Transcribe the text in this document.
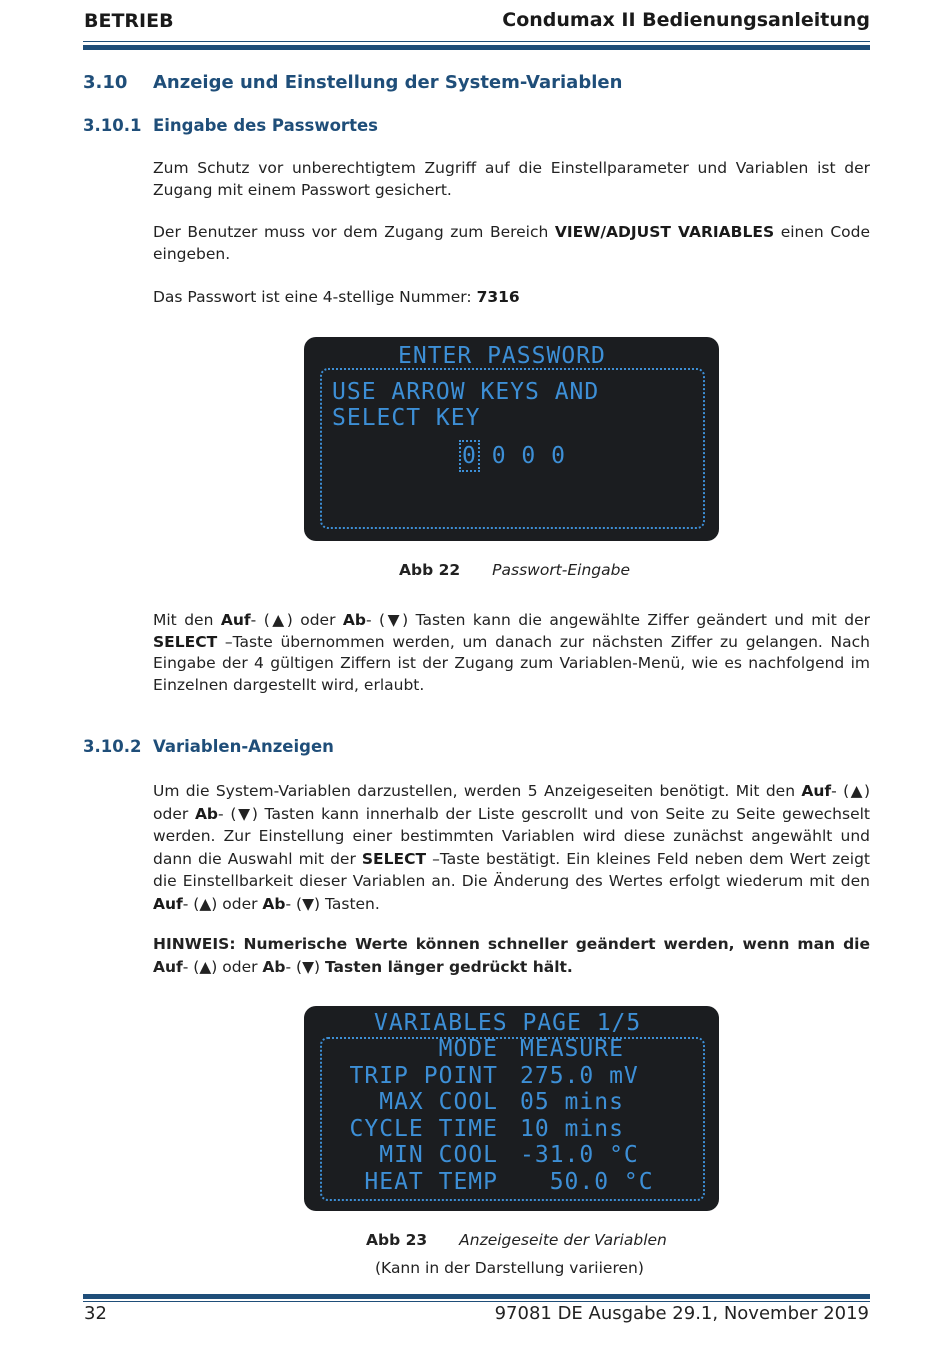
BETRIEB	Condumax II Bedienungsanleitung
3.10 Anzeige und Einstellung der System-Variablen
3.10.1 Eingabe des Passwortes
Zum Schutz vor unberechtigtem Zugriff auf die Einstellparameter und Variablen ist der Zugang mit einem Passwort gesichert.
Der Benutzer muss vor dem Zugang zum Bereich VIEW/ADJUST VARIABLES einen Code eingeben.
Das Passwort ist eine 4-stellige Nummer: 7316
ENTER PASSWORD
USE ARROW KEYS AND
SELECT KEY
0 0 0 0
Abb 22 Passwort-Eingabe
Mit den Auf- (▲) oder Ab- (▼) Tasten kann die angewählte Ziffer geändert und mit der SELECT –Taste übernommen werden, um danach zur nächsten Ziffer zu gelangen. Nach Eingabe der 4 gültigen Ziffern ist der Zugang zum Variablen-Menü, wie es nachfolgend im Einzelnen dargestellt wird, erlaubt.
3.10.2 Variablen-Anzeigen
Um die System-Variablen darzustellen, werden 5 Anzeigeseiten benötigt. Mit den Auf- (▲) oder Ab- (▼) Tasten kann innerhalb der Liste gescrollt und von Seite zu Seite gewechselt werden. Zur Einstellung einer bestimmten Variablen wird diese zunächst angewählt und dann die Auswahl mit der SELECT –Taste bestätigt. Ein kleines Feld neben dem Wert zeigt die Einstellbarkeit dieser Variablen an. Die Änderung des Wertes erfolgt wiederum mit den Auf- (▲) oder Ab- (▼) Tasten.
HINWEIS: Numerische Werte können schneller geändert werden, wenn man die Auf- (▲) oder Ab- (▼) Tasten länger gedrückt hält.
VARIABLES PAGE 1/5
MODE MEASURE
TRIP POINT 275.0 mV
MAX COOL 05 mins
CYCLE TIME 10 mins
MIN COOL -31.0 °C
HEAT TEMP 50.0 °C
Abb 23 Anzeigeseite der Variablen
(Kann in der Darstellung variieren)
32	97081 DE Ausgabe 29.1, November 2019
